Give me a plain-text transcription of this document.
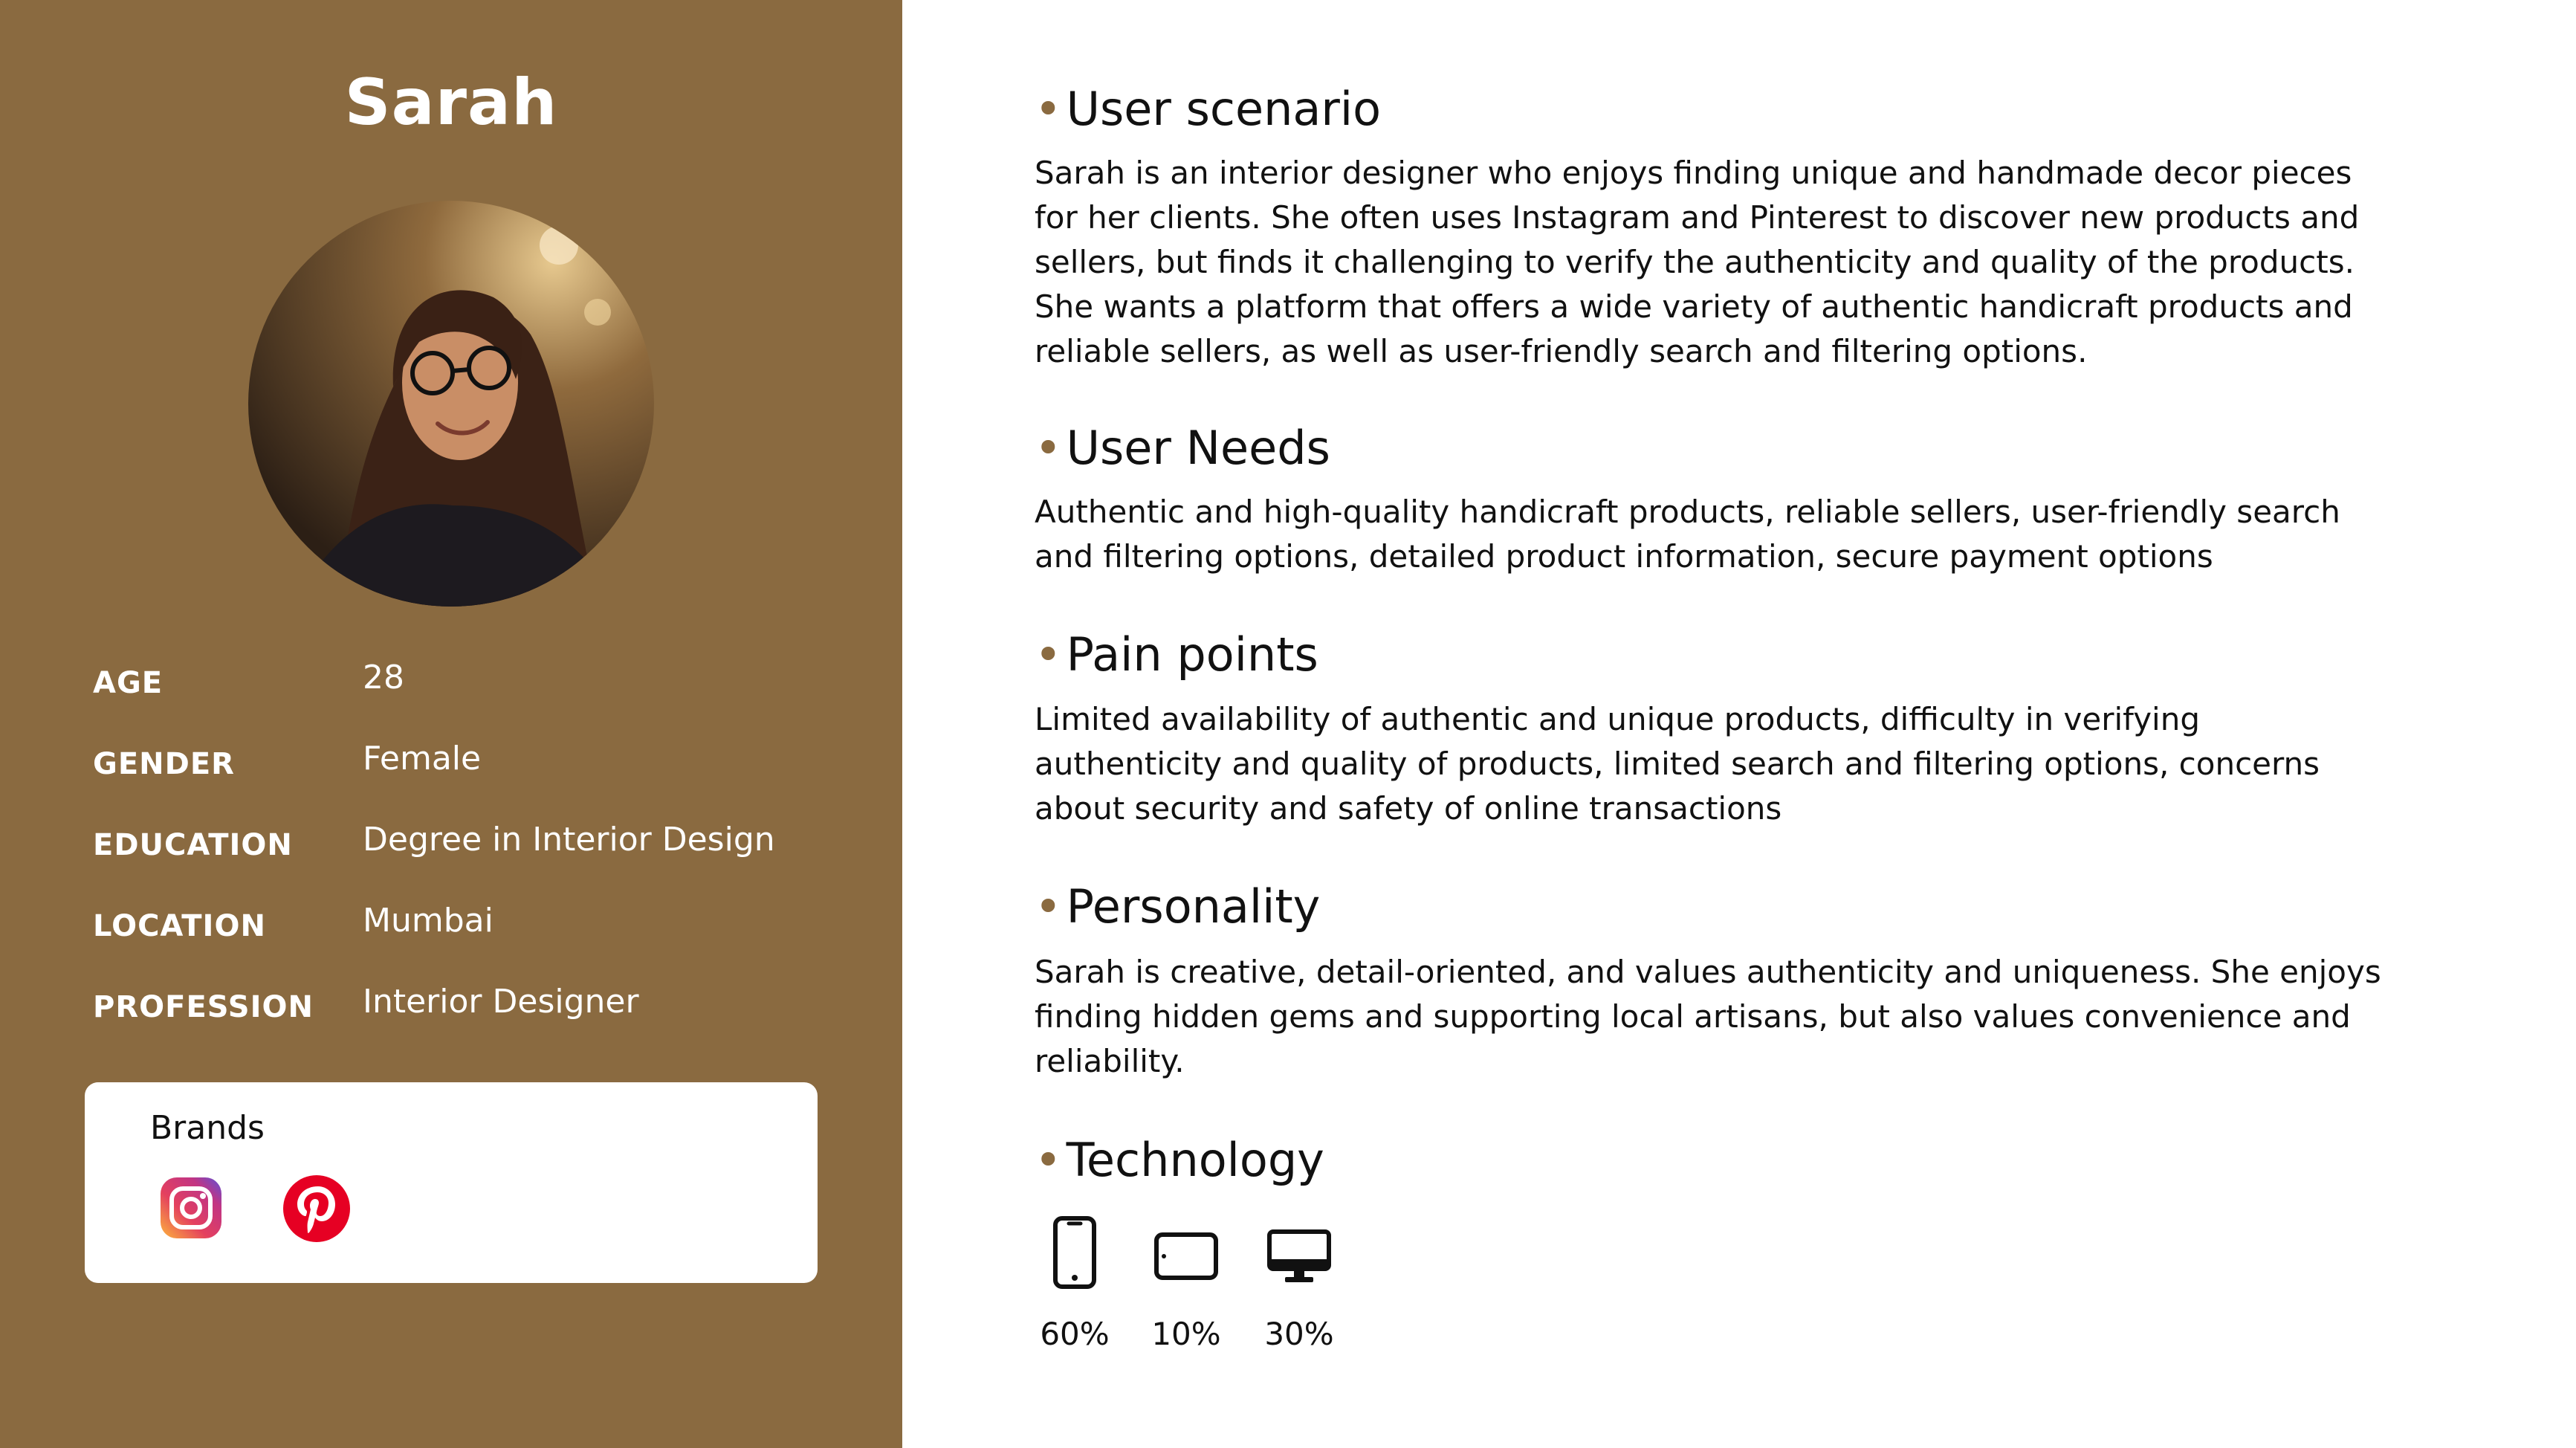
Sarah
AGE	28
GENDER	Female
EDUCATION Degree in Interior Design
LOCATION	Mumbai
PROFESSION Interior Designer
Brands
•User scenario
Sarah is an interior designer who enjoys finding unique and handmade decor pieces for her clients. She often uses Instagram and Pinterest to discover new products and sellers, but finds it challenging to verify the authenticity and quality of the products. She wants a platform that offers a wide variety of authentic handicraft products and reliable sellers, as well as user-friendly search and filtering options.
•User Needs
Authentic and high-quality handicraft products, reliable sellers, user-friendly search and filtering options, detailed product information, secure payment options
•Pain points
Limited availability of authentic and unique products, difficulty in verifying authenticity and quality of products, limited search and filtering options, concerns about security and safety of online transactions
•Personality
Sarah is creative, detail-oriented, and values authenticity and uniqueness. She enjoys finding hidden gems and supporting local artisans, but also values convenience and reliability.
•Technology
60%	10%	30%
